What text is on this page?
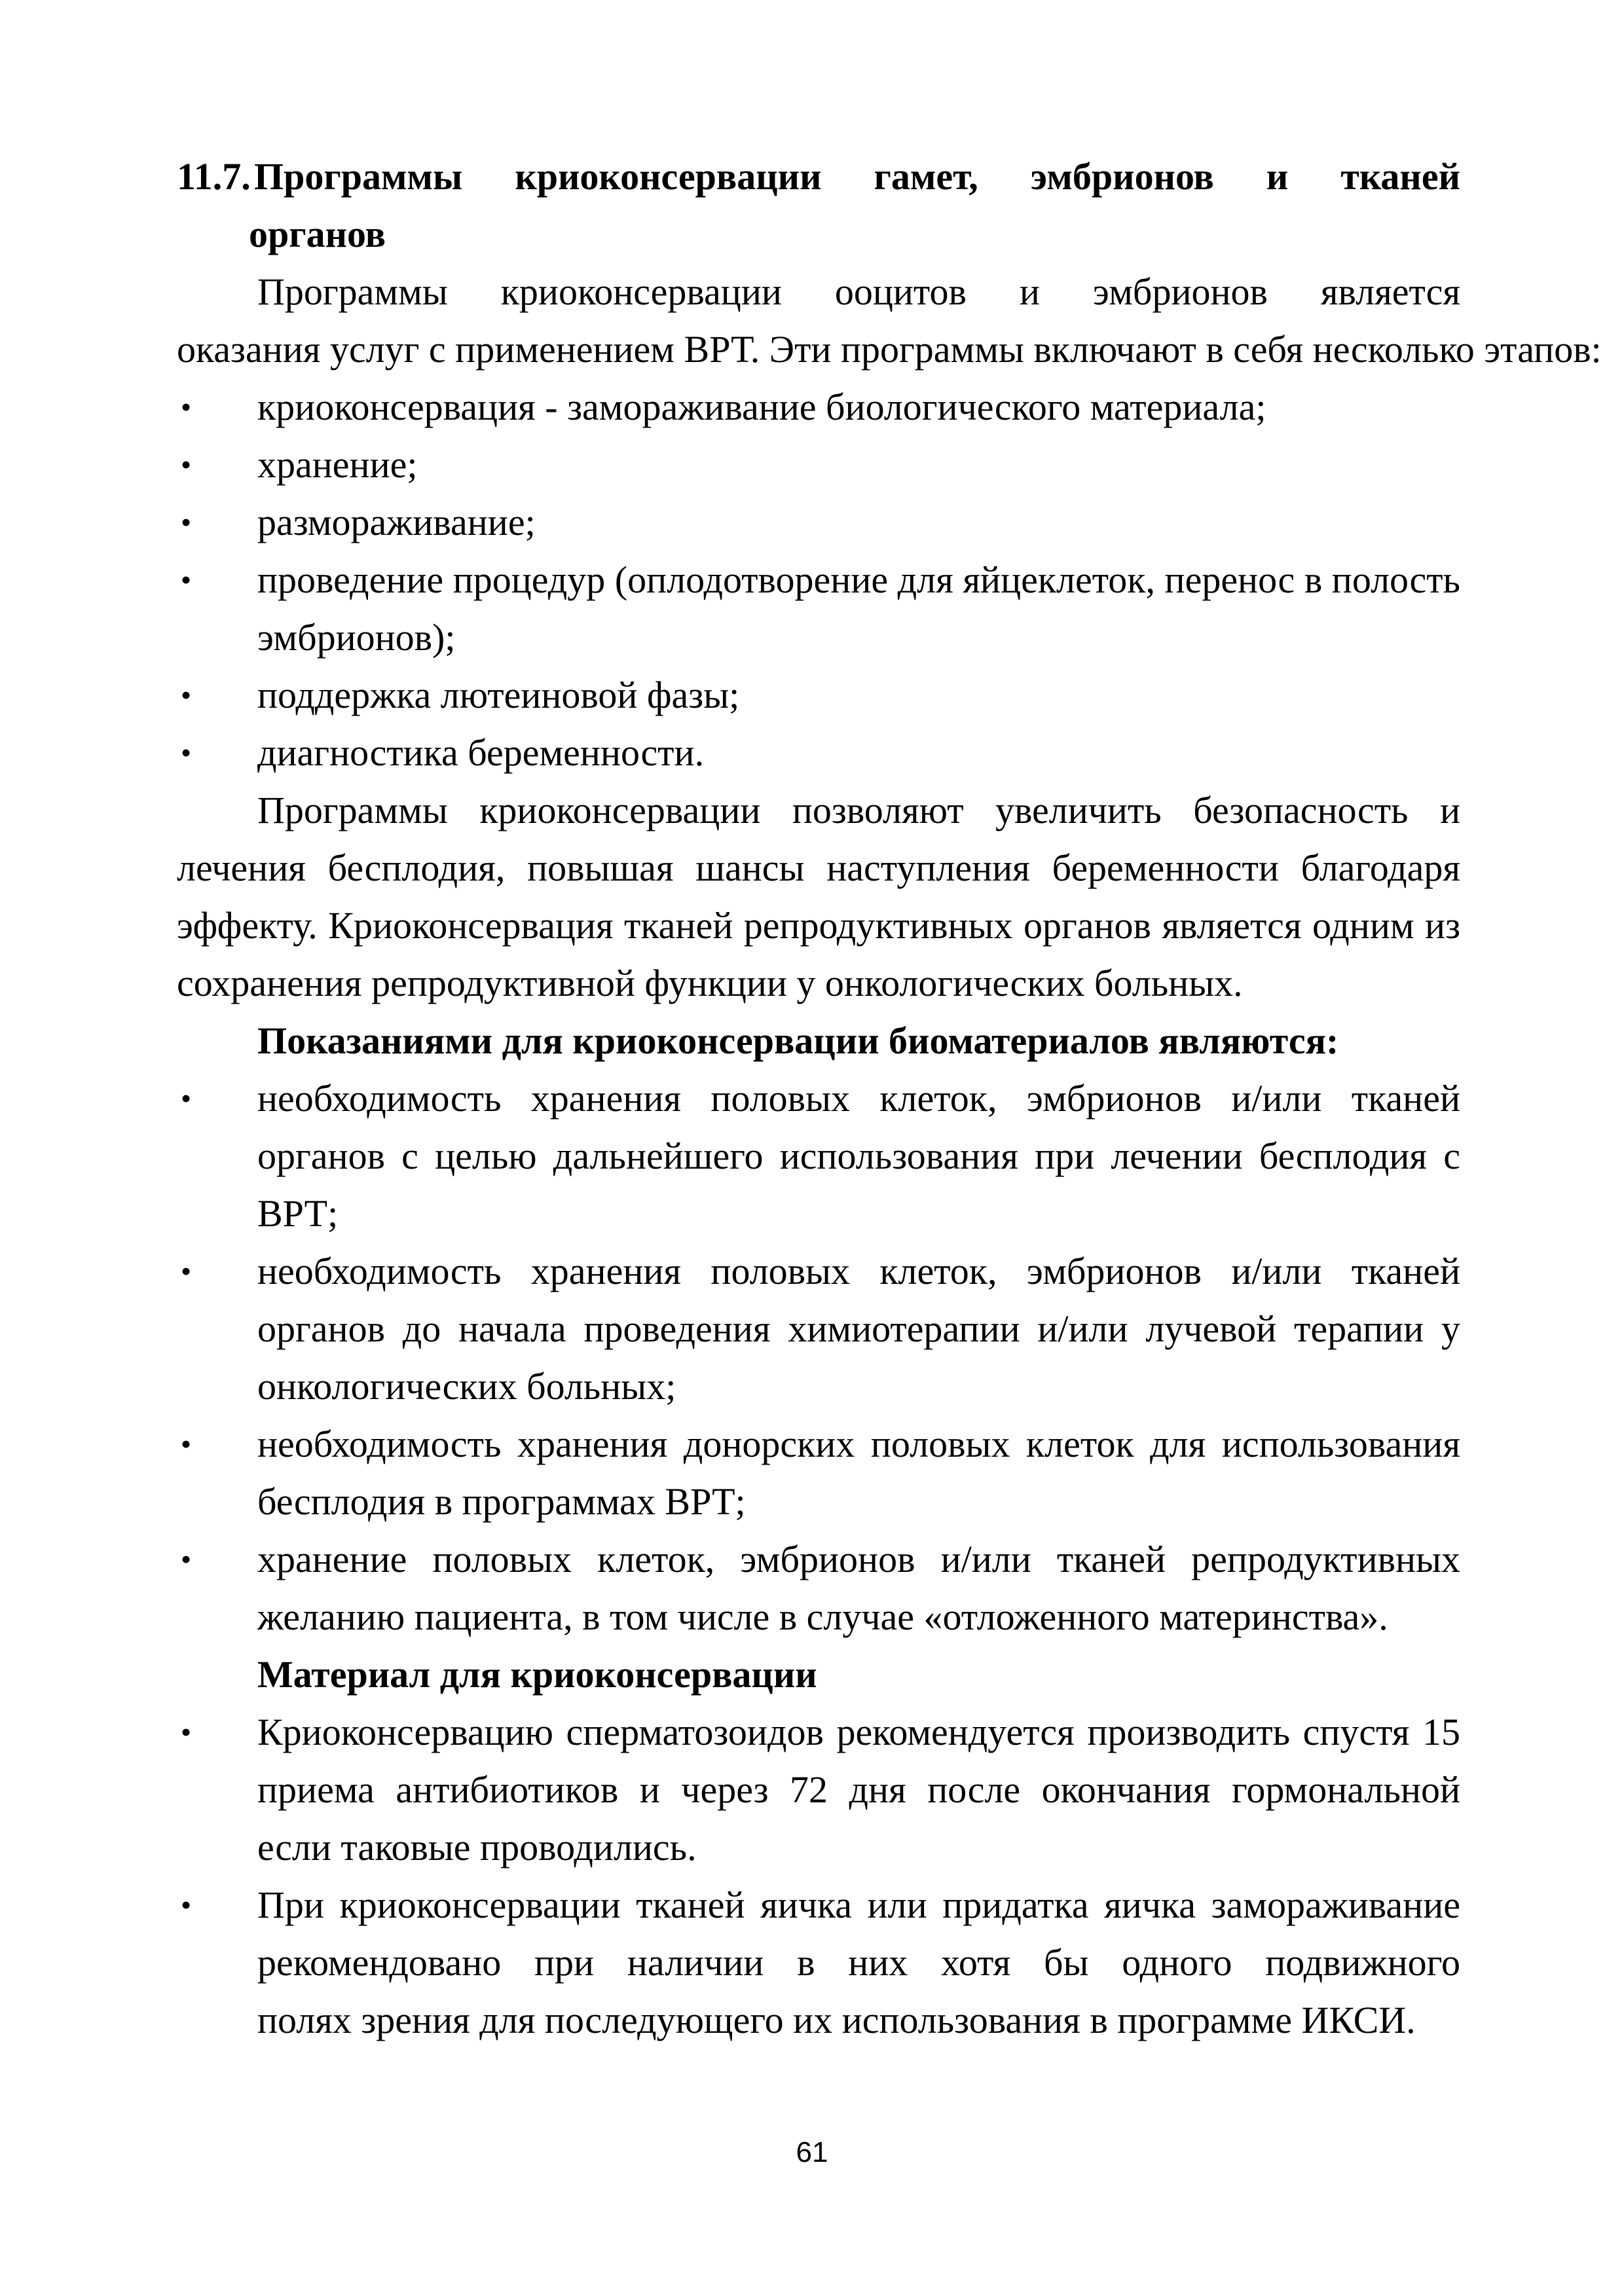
11.7. Программы криоконсервации гамет, эмбрионов и тканей
органов
Программы криоконсервации ооцитов и эмбрионов является
оказания услуг с применением ВРТ. Эти программы включают в себя несколько этапов:
• криоконсервация - замораживание биологического материала;
• хранение;
• размораживание;
• проведение процедур (оплодотворение для яйцеклеток, перенос в полость
эмбрионов);
• поддержка лютеиновой фазы;
• диагностика беременности.
Программы криоконсервации позволяют увеличить безопасность и
лечения бесплодия, повышая шансы наступления беременности благодаря
эффекту. Криоконсервация тканей репродуктивных органов является одним из
сохранения репродуктивной функции у онкологических больных.
Показаниями для криоконсервации биоматериалов являются:
• необходимость хранения половых клеток, эмбрионов и/или тканей
органов с целью дальнейшего использования при лечении бесплодия с
ВРТ;
• необходимость хранения половых клеток, эмбрионов и/или тканей
органов до начала проведения химиотерапии и/или лучевой терапии у
онкологических больных;
• необходимость хранения донорских половых клеток для использования
бесплодия в программах ВРТ;
• хранение половых клеток, эмбрионов и/или тканей репродуктивных
желанию пациента, в том числе в случае «отложенного материнства».
Материал для криоконсервации
• Криоконсервацию сперматозоидов рекомендуется производить спустя 15
приема антибиотиков и через 72 дня после окончания гормональной
если таковые проводились.
• При криоконсервации тканей яичка или придатка яичка замораживание
рекомендовано при наличии в них хотя бы одного подвижного
полях зрения для последующего их использования в программе ИКСИ.
61
